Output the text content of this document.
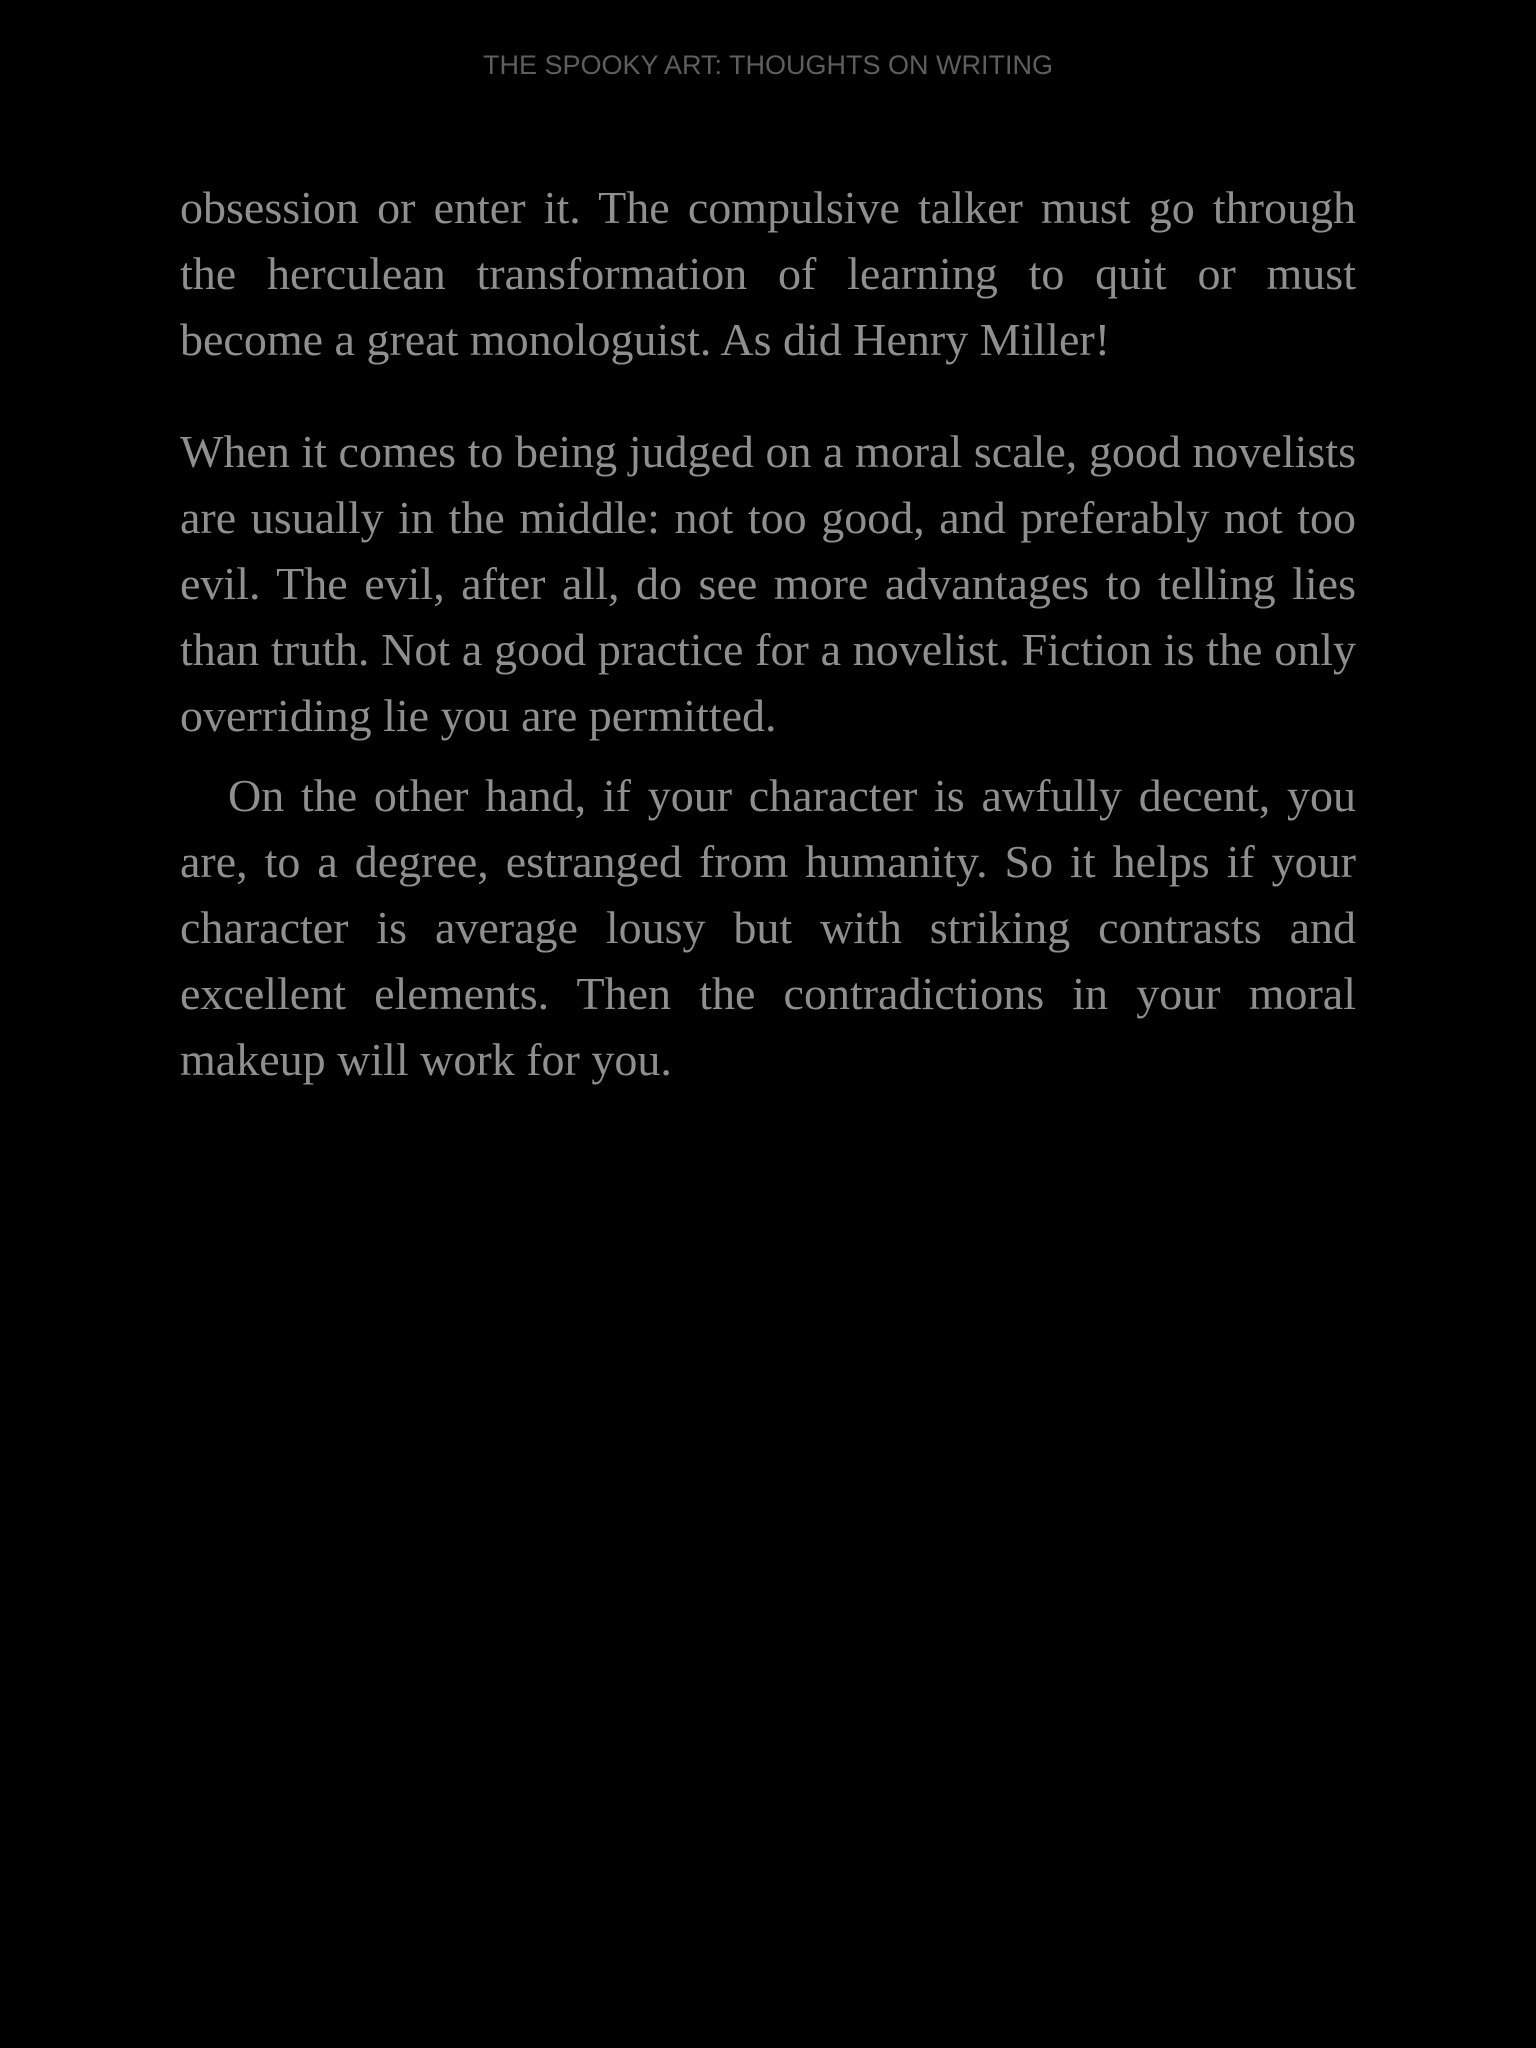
THE SPOOKY ART: THOUGHTS ON WRITING

obsession or enter it. The compulsive talker must go through the herculean transformation of learning to quit or must become a great monologuist. As did Henry Miller!

When it comes to being judged on a moral scale, good novelists are usually in the middle: not too good, and preferably not too evil. The evil, after all, do see more advantages to telling lies than truth. Not a good practice for a novelist. Fiction is the only overriding lie you are permitted.

On the other hand, if your character is awfully decent, you are, to a degree, estranged from humanity. So it helps if your character is average lousy but with striking contrasts and excellent elements. Then the contradictions in your moral makeup will work for you.
